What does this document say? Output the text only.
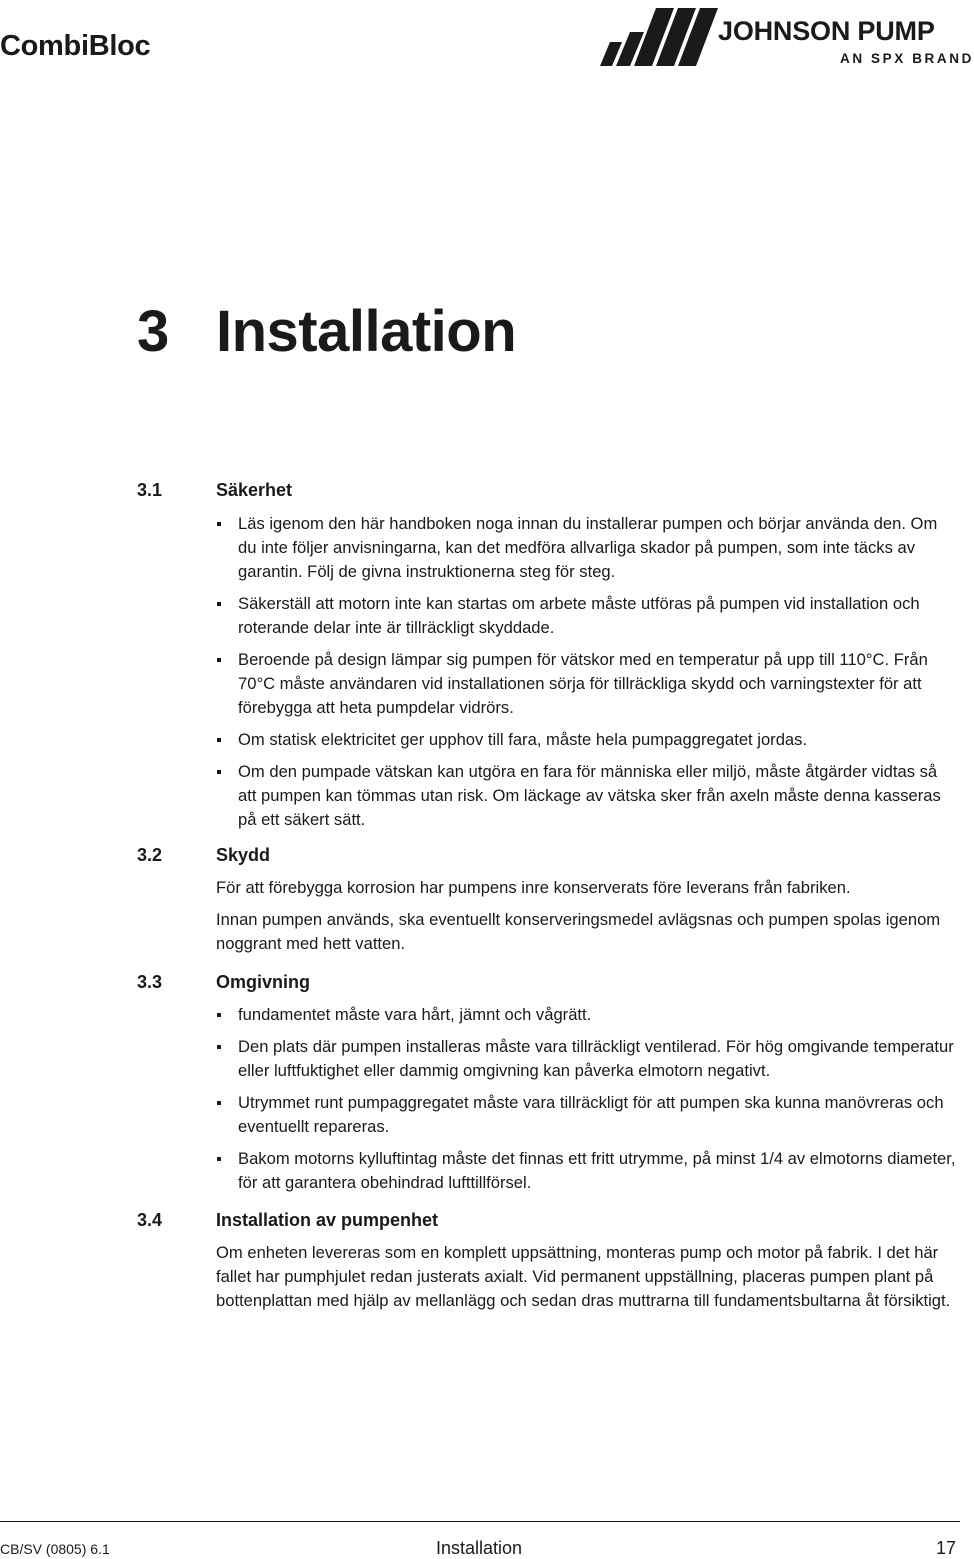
CombiBloc	JOHNSON PUMP
AN SPX BRAND
3 Installation
3.1	Säkerhet
Läs igenom den här handboken noga innan du installerar pumpen och börjar använda den. Om du inte följer anvisningarna, kan det medföra allvarliga skador på pumpen, som inte täcks av garantin. Följ de givna instruktionerna steg för steg.
Säkerställ att motorn inte kan startas om arbete måste utföras på pumpen vid installation och roterande delar inte är tillräckligt skyddade.
Beroende på design lämpar sig pumpen för vätskor med en temperatur på upp till 110°C. Från 70°C måste användaren vid installationen sörja för tillräckliga skydd och varningstexter för att förebygga att heta pumpdelar vidrörs.
Om statisk elektricitet ger upphov till fara, måste hela pumpaggregatet jordas.
Om den pumpade vätskan kan utgöra en fara för människa eller miljö, måste åtgärder vidtas så att pumpen kan tömmas utan risk. Om läckage av vätska sker från axeln måste denna kasseras på ett säkert sätt.
3.2	Skydd

För att förebygga korrosion har pumpens inre konserverats före leverans från fabriken.

Innan pumpen används, ska eventuellt konserveringsmedel avlägsnas och pumpen spolas igenom noggrant med hett vatten.

3.3	Omgivning
fundamentet måste vara hårt, jämnt och vågrätt.
Den plats där pumpen installeras måste vara tillräckligt ventilerad. För hög omgivande temperatur eller luftfuktighet eller dammig omgivning kan påverka elmotorn negativt.
Utrymmet runt pumpaggregatet måste vara tillräckligt för att pumpen ska kunna manövreras och eventuellt repareras.
Bakom motorns kylluftintag måste det finnas ett fritt utrymme, på minst 1/4 av elmotorns diameter, för att garantera obehindrad lufttillförsel.
3.4	Installation av pumpenhet

Om enheten levereras som en komplett uppsättning, monteras pump och motor på fabrik. I det här fallet har pumphjulet redan justerats axialt. Vid permanent uppställning, placeras pumpen plant på bottenplattan med hjälp av mellanlägg och sedan dras muttrarna till fundamentsbultarna åt försiktigt.

CB/SV (0805) 6.1	Installation	17
